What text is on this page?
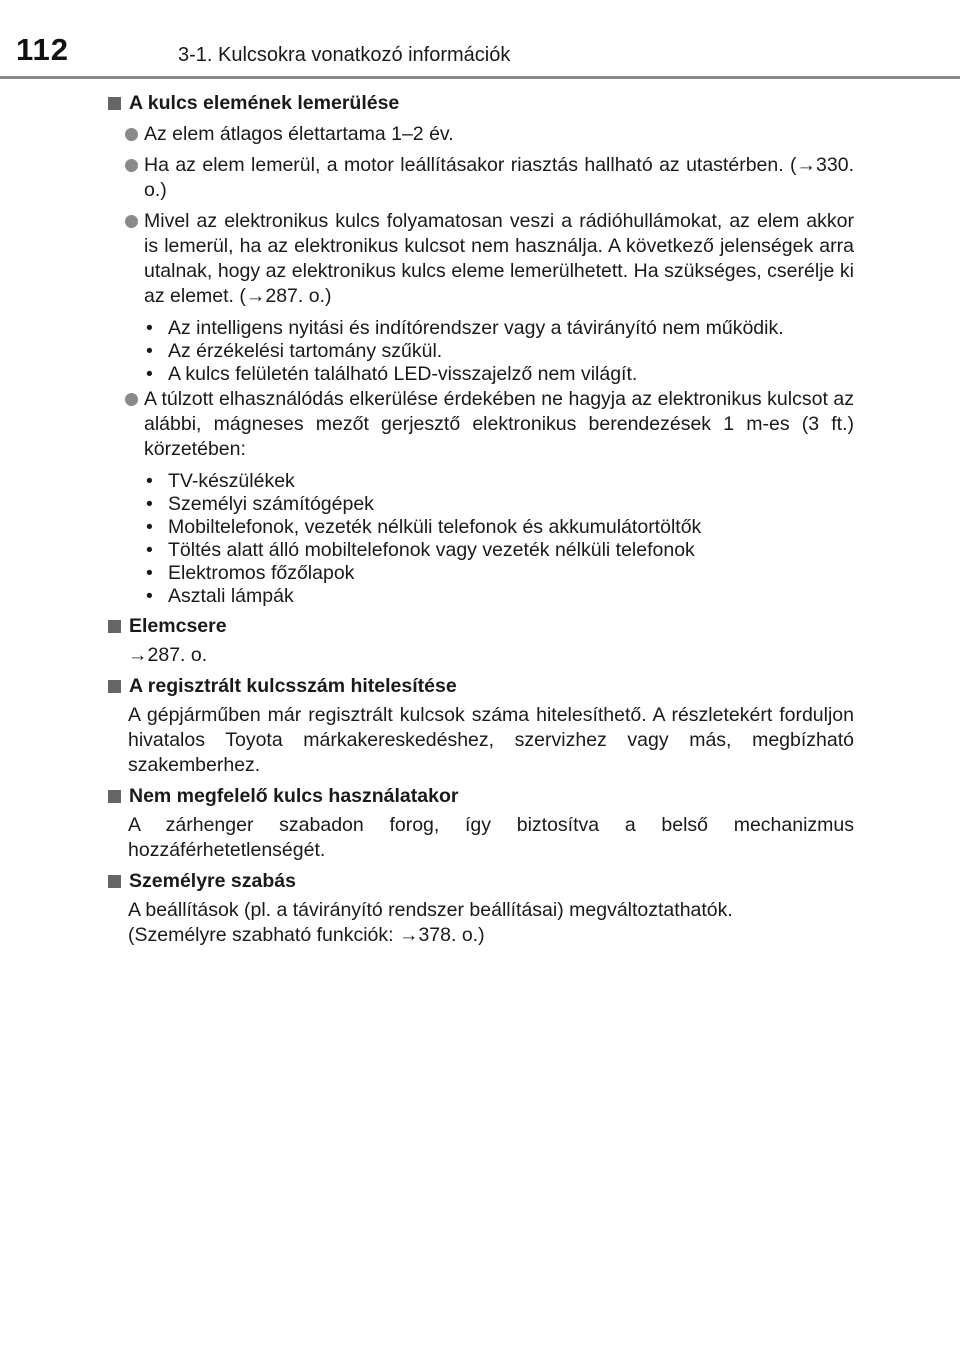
112	3-1. Kulcsokra vonatkozó információk
A kulcs elemének lemerülése
Az elem átlagos élettartama 1–2 év.
Ha az elem lemerül, a motor leállításakor riasztás hallható az utastérben. (→330. o.)
Mivel az elektronikus kulcs folyamatosan veszi a rádióhullámokat, az elem akkor is lemerül, ha az elektronikus kulcsot nem használja. A következő jelenségek arra utalnak, hogy az elektronikus kulcs eleme lemerülhetett. Ha szükséges, cserélje ki az elemet. (→287. o.)
• Az intelligens nyitási és indítórendszer vagy a távirányító nem működik.
• Az érzékelési tartomány szűkül.
• A kulcs felületén található LED-visszajelző nem világít.
A túlzott elhasználódás elkerülése érdekében ne hagyja az elektronikus kulcsot az alábbi, mágneses mezőt gerjesztő elektronikus berendezések 1 m-es (3 ft.) körzetében:
• TV-készülékek
• Személyi számítógépek
• Mobiltelefonok, vezeték nélküli telefonok és akkumulátortöltők
• Töltés alatt álló mobiltelefonok vagy vezeték nélküli telefonok
• Elektromos főzőlapok
• Asztali lámpák
Elemcsere
→287. o.
A regisztrált kulcsszám hitelesítése
A gépjárműben már regisztrált kulcsok száma hitelesíthető. A részletekért forduljon hivatalos Toyota márkakereskedéshez, szervizhez vagy más, megbízható szakemberhez.
Nem megfelelő kulcs használatakor
A zárhenger szabadon forog, így biztosítva a belső mechanizmus hozzáférhetetlenségét.
Személyre szabás
A beállítások (pl. a távirányító rendszer beállításai) megváltoztathatók.
(Személyre szabható funkciók: →378. o.)
